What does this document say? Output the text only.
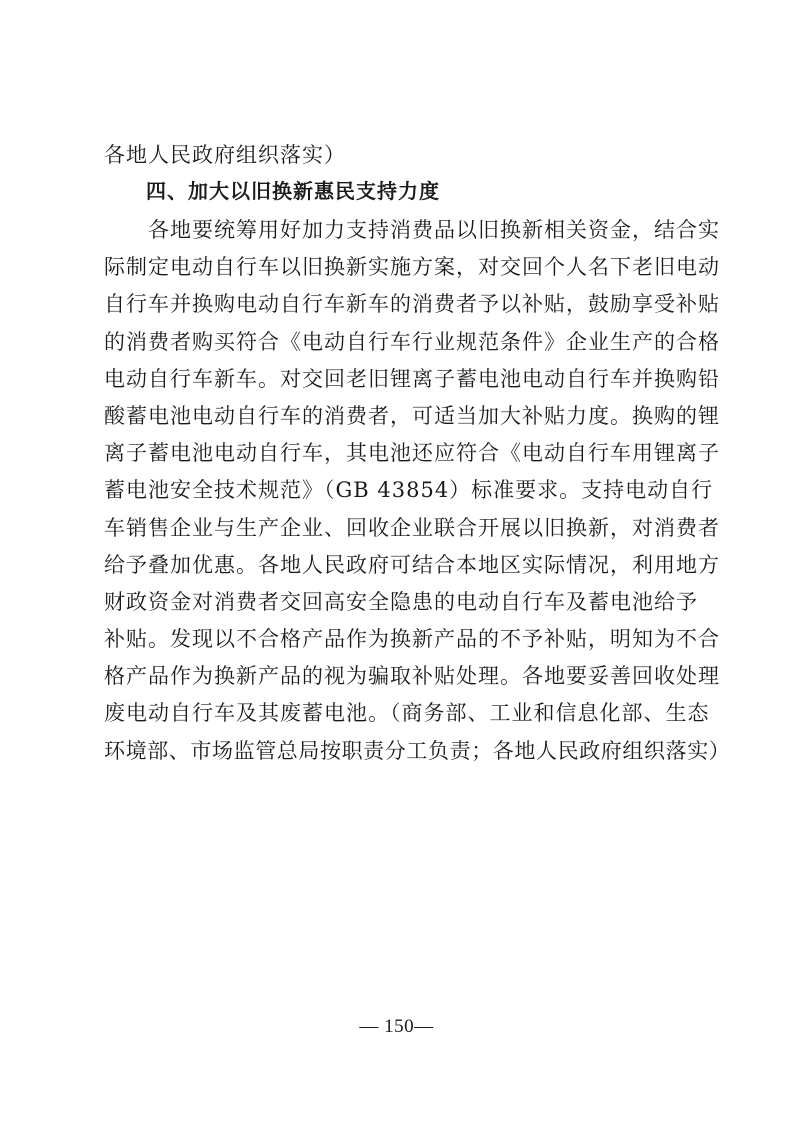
各地人民政府组织落实）
四、加大以旧换新惠民支持力度
　　各地要统筹用好加力支持消费品以旧换新相关资金，结合实
际制定电动自行车以旧换新实施方案，对交回个人名下老旧电动
自行车并换购电动自行车新车的消费者予以补贴，鼓励享受补贴
的消费者购买符合《电动自行车行业规范条件》企业生产的合格
电动自行车新车。对交回老旧锂离子蓄电池电动自行车并换购铅
酸蓄电池电动自行车的消费者，可适当加大补贴力度。换购的锂
离子蓄电池电动自行车，其电池还应符合《电动自行车用锂离子
蓄电池安全技术规范》（GB 43854）标准要求。支持电动自行
车销售企业与生产企业、回收企业联合开展以旧换新，对消费者
给予叠加优惠。各地人民政府可结合本地区实际情况，利用地方
财政资金对消费者交回高安全隐患的电动自行车及蓄电池给予
补贴。发现以不合格产品作为换新产品的不予补贴，明知为不合
格产品作为换新产品的视为骗取补贴处理。各地要妥善回收处理
废电动自行车及其废蓄电池。（商务部、工业和信息化部、生态
环境部、市场监管总局按职责分工负责；各地人民政府组织落实）
— 150—
